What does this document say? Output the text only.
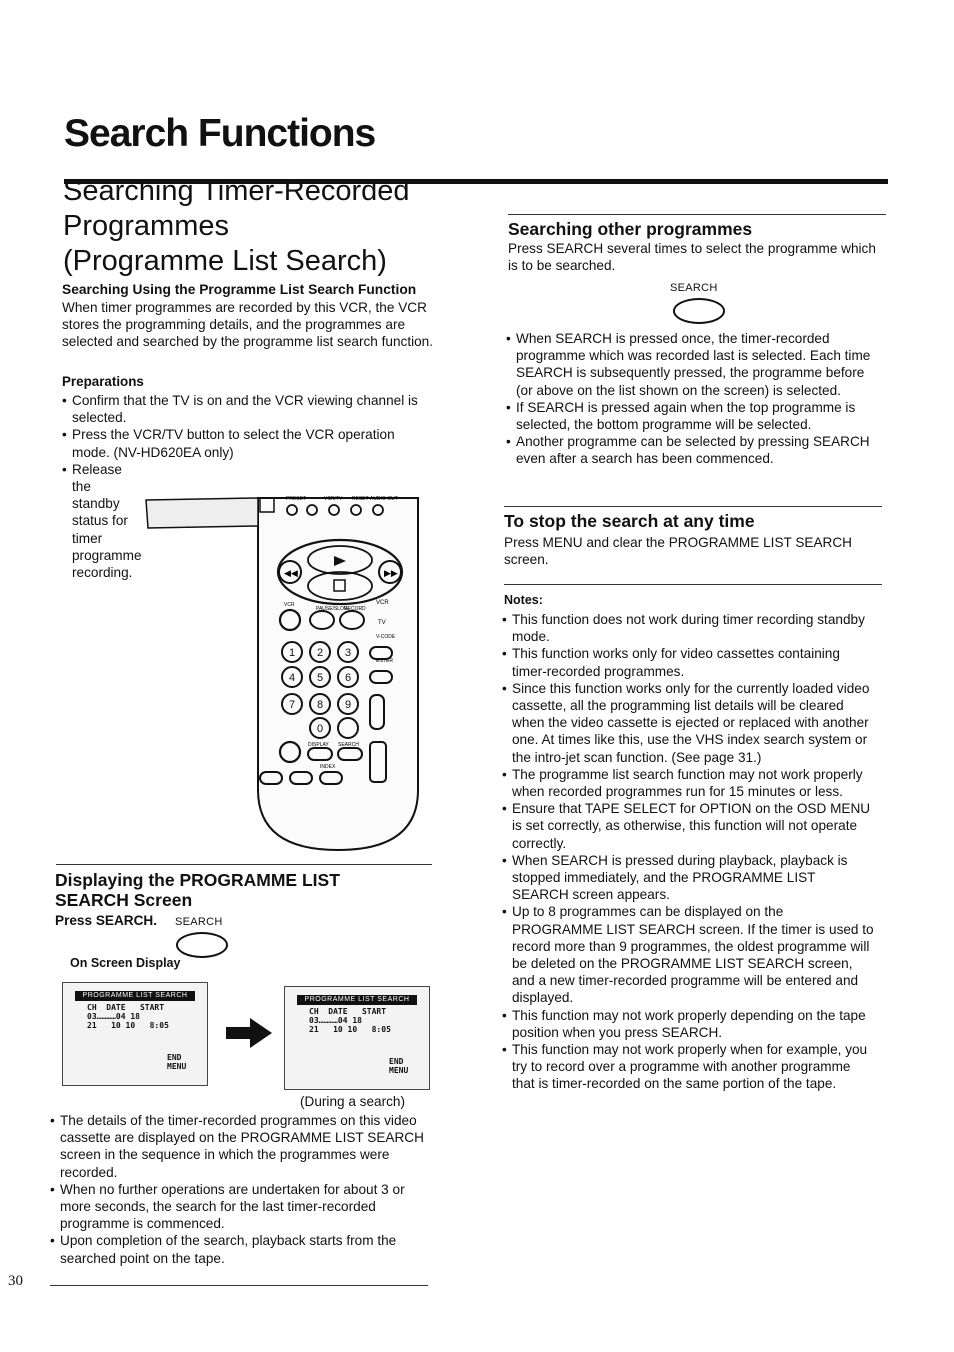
Search Functions
Searching Timer-Recorded
Programmes
(Programme List Search)
Searching Using the Programme List Search Function

When timer programmes are recorded by this VCR, the VCR stores the programming details, and the programmes are selected and searched by the programme list search function.

Preparations
• Confirm that the TV is on and the VCR viewing channel is selected.
• Press the VCR/TV button to select the VCR operation mode. (NV-HD620EA only)
• Release the standby status for timer programme recording.
PRESET	VCR/TV RESET AUDIO OUT
◀◀	▶▶
VCR
PAUSE/SLOW
RECORD
VCR
TV
V-CODE
ENTER
1 2 3
4 5 6
7 8 9
0
DISPLAY SEARCH
INDEX
Displaying the PROGRAMME LIST
SEARCH Screen
Press SEARCH. SEARCH
On Screen Display
PROGRAMME LIST SEARCH
CH  DATE   START
03…………04 18
21   10 10   8:05
END
MENU
PROGRAMME LIST SEARCH
CH  DATE   START
03…………04 18
21   10 10   8:05
END
MENU
(During a search)
• The details of the timer-recorded programmes on this video cassette are displayed on the PROGRAMME LIST SEARCH screen in the sequence in which the programmes were recorded.
• When no further operations are undertaken for about 3 or more seconds, the search for the last timer-recorded programme is commenced.
• Upon completion of the search, playback starts from the searched point on the tape.
30
Searching other programmes

Press SEARCH several times to select the programme which is to be searched.

SEARCH
• When SEARCH is pressed once, the timer-recorded programme which was recorded last is selected. Each time SEARCH is subsequently pressed, the programme before (or above on the list shown on the screen) is selected.
• If SEARCH is pressed again when the top programme is selected, the bottom programme will be selected.
• Another programme can be selected by pressing SEARCH even after a search has been commenced.
To stop the search at any time

Press MENU and clear the PROGRAMME LIST SEARCH screen.

Notes:
• This function does not work during timer recording standby mode.
• This function works only for video cassettes containing timer-recorded programmes.
• Since this function works only for the currently loaded video cassette, all the programming list details will be cleared when the video cassette is ejected or replaced with another one. At times like this, use the VHS index search system or the intro-jet scan function. (See page 31.)
• The programme list search function may not work properly when recorded programmes run for 15 minutes or less.
• Ensure that TAPE SELECT for OPTION on the OSD MENU is set correctly, as otherwise, this function will not operate correctly.
• When SEARCH is pressed during playback, playback is stopped immediately, and the PROGRAMME LIST SEARCH screen appears.
• Up to 8 programmes can be displayed on the PROGRAMME LIST SEARCH screen. If the timer is used to record more than 9 programmes, the oldest programme will be deleted on the PROGRAMME LIST SEARCH screen, and a new timer-recorded programme will be entered and displayed.
• This function may not work properly depending on the tape position when you press SEARCH.
• This function may not work properly when for example, you try to record over a programme with another programme that is timer-recorded on the same portion of the tape.
